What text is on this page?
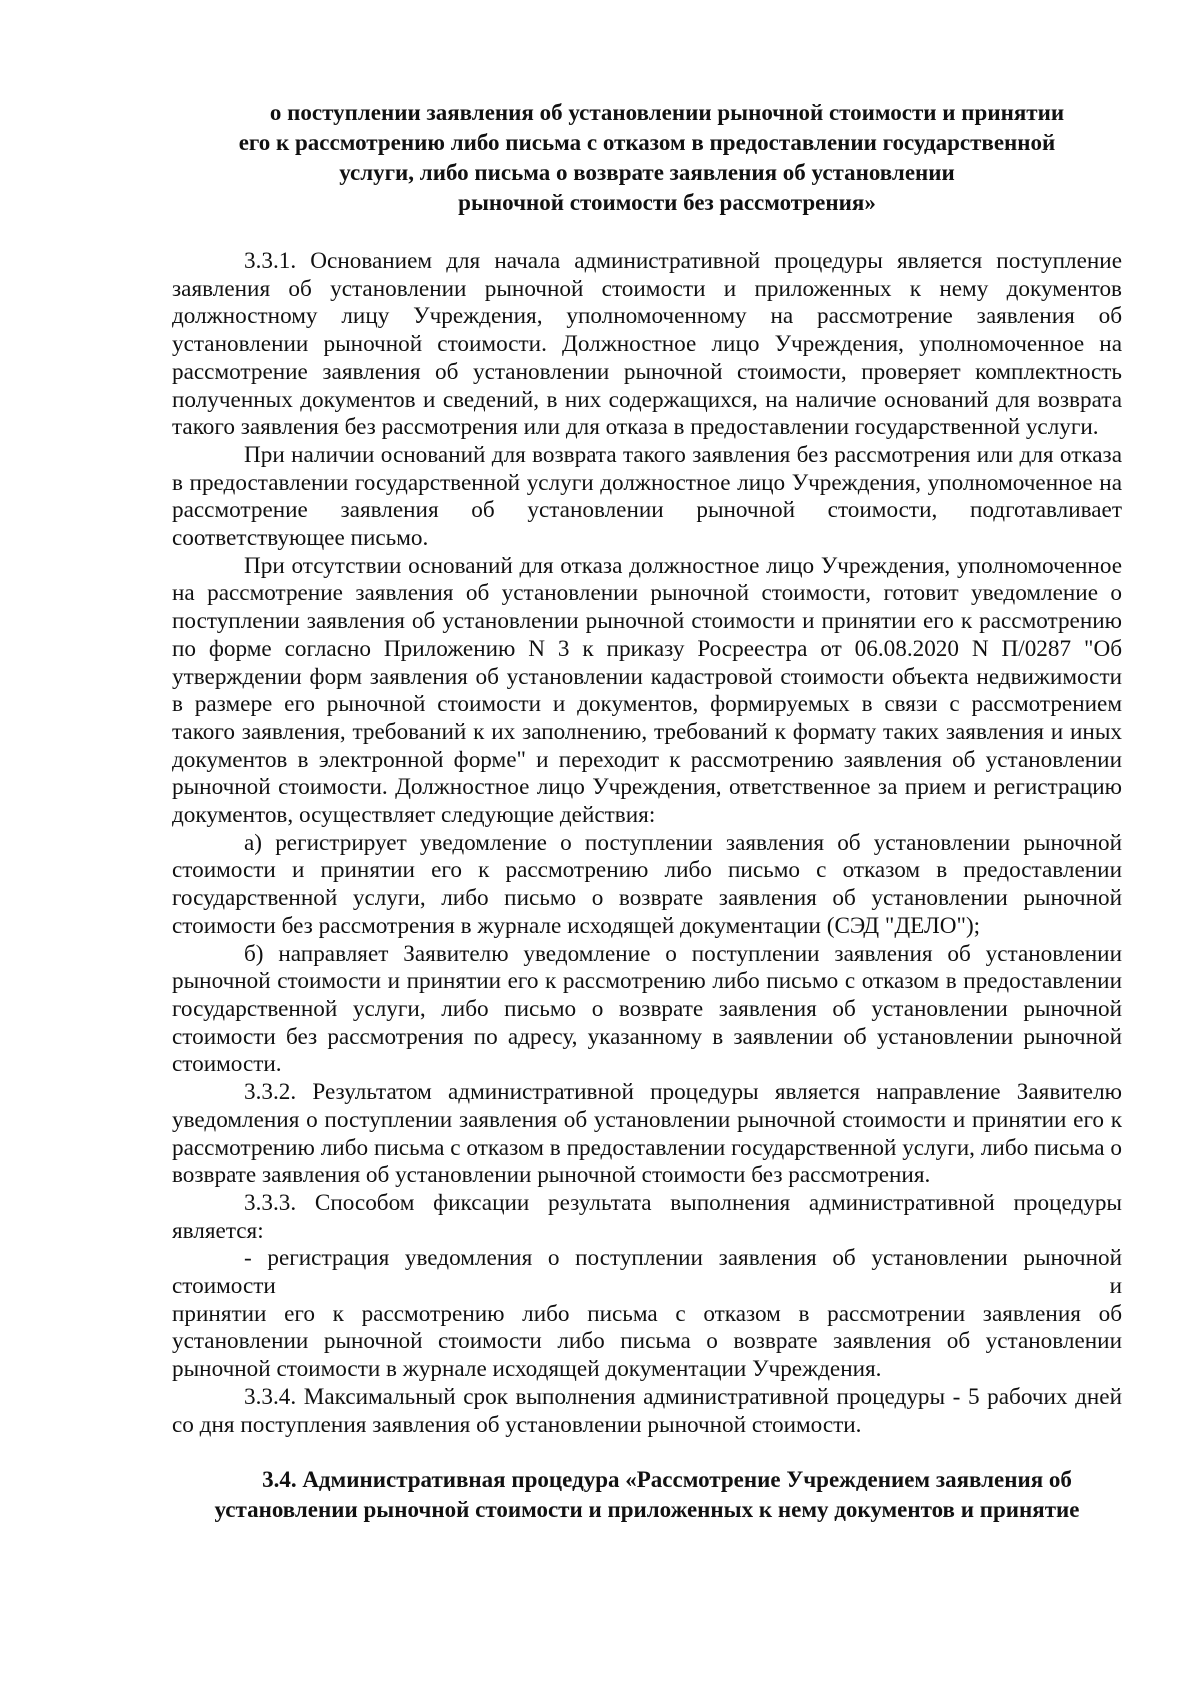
о поступлении заявления об установлении рыночной стоимости и принятии
его к рассмотрению либо письма с отказом в предоставлении государственной
услуги, либо письма о возврате заявления об установлении
рыночной стоимости без рассмотрения»

3.3.1. Основанием для начала административной процедуры является поступление заявления об установлении рыночной стоимости и приложенных к нему документов должностному лицу Учреждения, уполномоченному на рассмотрение заявления об установлении рыночной стоимости. Должностное лицо Учреждения, уполномоченное на рассмотрение заявления об установлении рыночной стоимости, проверяет комплектность полученных документов и сведений, в них содержащихся, на наличие оснований для возврата такого заявления без рассмотрения или для отказа в предоставлении государственной услуги.

При наличии оснований для возврата такого заявления без рассмотрения или для отказа в предоставлении государственной услуги должностное лицо Учреждения, уполномоченное на рассмотрение заявления об установлении рыночной стоимости, подготавливает соответствующее письмо.

При отсутствии оснований для отказа должностное лицо Учреждения, уполномоченное на рассмотрение заявления об установлении рыночной стоимости, готовит уведомление о поступлении заявления об установлении рыночной стоимости и принятии его к рассмотрению по форме согласно Приложению N 3 к приказу Росреестра от 06.08.2020 N П/0287 "Об утверждении форм заявления об установлении кадастровой стоимости объекта недвижимости в размере его рыночной стоимости и документов, формируемых в связи с рассмотрением такого заявления, требований к их заполнению, требований к формату таких заявления и иных документов в электронной форме" и переходит к рассмотрению заявления об установлении рыночной стоимости. Должностное лицо Учреждения, ответственное за прием и регистрацию документов, осуществляет следующие действия:

а) регистрирует уведомление о поступлении заявления об установлении рыночной стоимости и принятии его к рассмотрению либо письмо с отказом в предоставлении государственной услуги, либо письмо о возврате заявления об установлении рыночной стоимости без рассмотрения в журнале исходящей документации (СЭД "ДЕЛО");

б) направляет Заявителю уведомление о поступлении заявления об установлении рыночной стоимости и принятии его к рассмотрению либо письмо с отказом в предоставлении государственной услуги, либо письмо о возврате заявления об установлении рыночной стоимости без рассмотрения по адресу, указанному в заявлении об установлении рыночной стоимости.

3.3.2. Результатом административной процедуры является направление Заявителю уведомления о поступлении заявления об установлении рыночной стоимости и принятии его к рассмотрению либо письма с отказом в предоставлении государственной услуги, либо письма о возврате заявления об установлении рыночной стоимости без рассмотрения.

3.3.3. Способом фиксации результата выполнения административной процедуры является:

- регистрация уведомления о поступлении заявления об установлении рыночной

стоимости	и

принятии его к рассмотрению либо письма с отказом в рассмотрении заявления об установлении рыночной стоимости либо письма о возврате заявления об установлении рыночной стоимости в журнале исходящей документации Учреждения.

3.3.4. Максимальный срок выполнения административной процедуры - 5 рабочих дней со дня поступления заявления об установлении рыночной стоимости.

3.4. Административная процедура «Рассмотрение Учреждением заявления об
установлении рыночной стоимости и приложенных к нему документов и принятие
